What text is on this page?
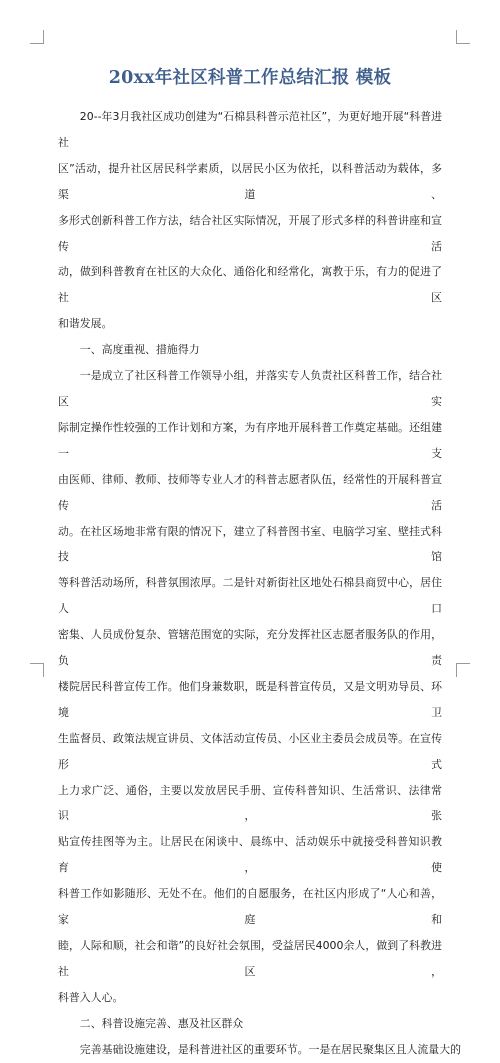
20xx年社区科普工作总结汇报 模板

20--年3月我社区成功创建为“石棉县科普示范社区”，为更好地开展“科普进社
区”活动，提升社区居民科学素质，以居民小区为依托，以科普活动为载体，多渠道、
多形式创新科普工作方法，结合社区实际情况，开展了形式多样的科普讲座和宣传活
动，做到科普教育在社区的大众化、通俗化和经常化，寓教于乐，有力的促进了社区
和谐发展。

一、高度重视、措施得力

一是成立了社区科普工作领导小组，并落实专人负责社区科普工作，结合社区实
际制定操作性较强的工作计划和方案，为有序地开展科普工作奠定基础。还组建一支
由医师、律师、教师、技师等专业人才的科普志愿者队伍，经常性的开展科普宣传活
动。在社区场地非常有限的情况下，建立了科普图书室、电脑学习室、壁挂式科技馆
等科普活动场所，科普氛围浓厚。二是针对新街社区地处石棉县商贸中心，居住人口
密集、人员成份复杂、管辖范围宽的实际，充分发挥社区志愿者服务队的作用，负责
楼院居民科普宣传工作。他们身兼数职，既是科普宣传员，又是文明劝导员、环境卫
生监督员、政策法规宣讲员、文体活动宣传员、小区业主委员会成员等。在宣传形式
上力求广泛、通俗，主要以发放居民手册、宣传科普知识、生活常识、法律常识，张
贴宣传挂图等为主。让居民在闲谈中、晨练中、活动娱乐中就接受科普知识教育，使
科普工作如影随形、无处不在。他们的自愿服务，在社区内形成了“人心和善，家庭和
睦，人际和顺，社会和谐”的良好社会氛围，受益居民4000余人，做到了科教进社区，
科普入人心。

二、科普设施完善、惠及社区群众

完善基础设施建设，是科普进社区的重要环节。一是在居民聚集区且人流量大的
